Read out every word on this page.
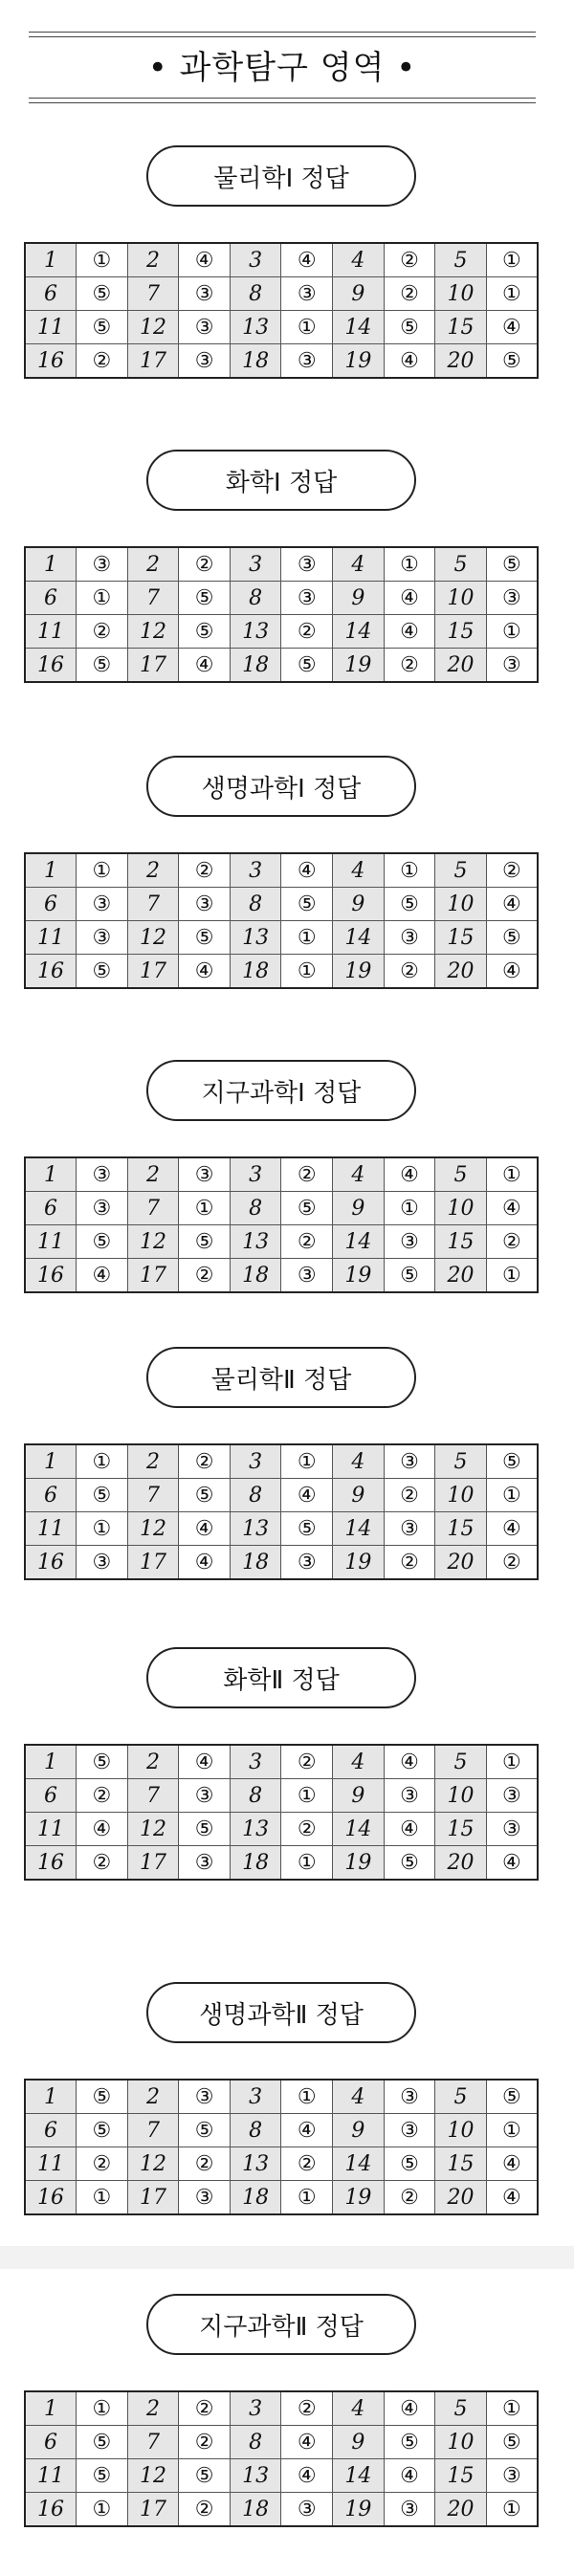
• 과학탐구 영역 •
물리학Ⅰ 정답
1	①	2	④	3	④	4	②	5	①
6	⑤	7	③	8	③	9	②	10	①
11	⑤	12	③	13	①	14	⑤	15	④
16	②	17	③	18	③	19	④	20	⑤
화학Ⅰ 정답
1	③	2	②	3	③	4	①	5	⑤
6	①	7	⑤	8	③	9	④	10	③
11	②	12	⑤	13	②	14	④	15	①
16	⑤	17	④	18	⑤	19	②	20	③
생명과학Ⅰ 정답
1	①	2	②	3	④	4	①	5	②
6	③	7	③	8	⑤	9	⑤	10	④
11	③	12	⑤	13	①	14	③	15	⑤
16	⑤	17	④	18	①	19	②	20	④
지구과학Ⅰ 정답
1	③	2	③	3	②	4	④	5	①
6	③	7	①	8	⑤	9	①	10	④
11	⑤	12	⑤	13	②	14	③	15	②
16	④	17	②	18	③	19	⑤	20	①
물리학Ⅱ 정답
1	①	2	②	3	①	4	③	5	⑤
6	⑤	7	⑤	8	④	9	②	10	①
11	①	12	④	13	⑤	14	③	15	④
16	③	17	④	18	③	19	②	20	②
화학Ⅱ 정답
1	⑤	2	④	3	②	4	④	5	①
6	②	7	③	8	①	9	③	10	③
11	④	12	⑤	13	②	14	④	15	③
16	②	17	③	18	①	19	⑤	20	④
생명과학Ⅱ 정답
1	⑤	2	③	3	①	4	③	5	⑤
6	⑤	7	⑤	8	④	9	③	10	①
11	②	12	②	13	②	14	⑤	15	④
16	①	17	③	18	①	19	②	20	④
지구과학Ⅱ 정답
1	①	2	②	3	②	4	④	5	①
6	⑤	7	②	8	④	9	⑤	10	⑤
11	⑤	12	⑤	13	④	14	④	15	③
16	①	17	②	18	③	19	③	20	①
